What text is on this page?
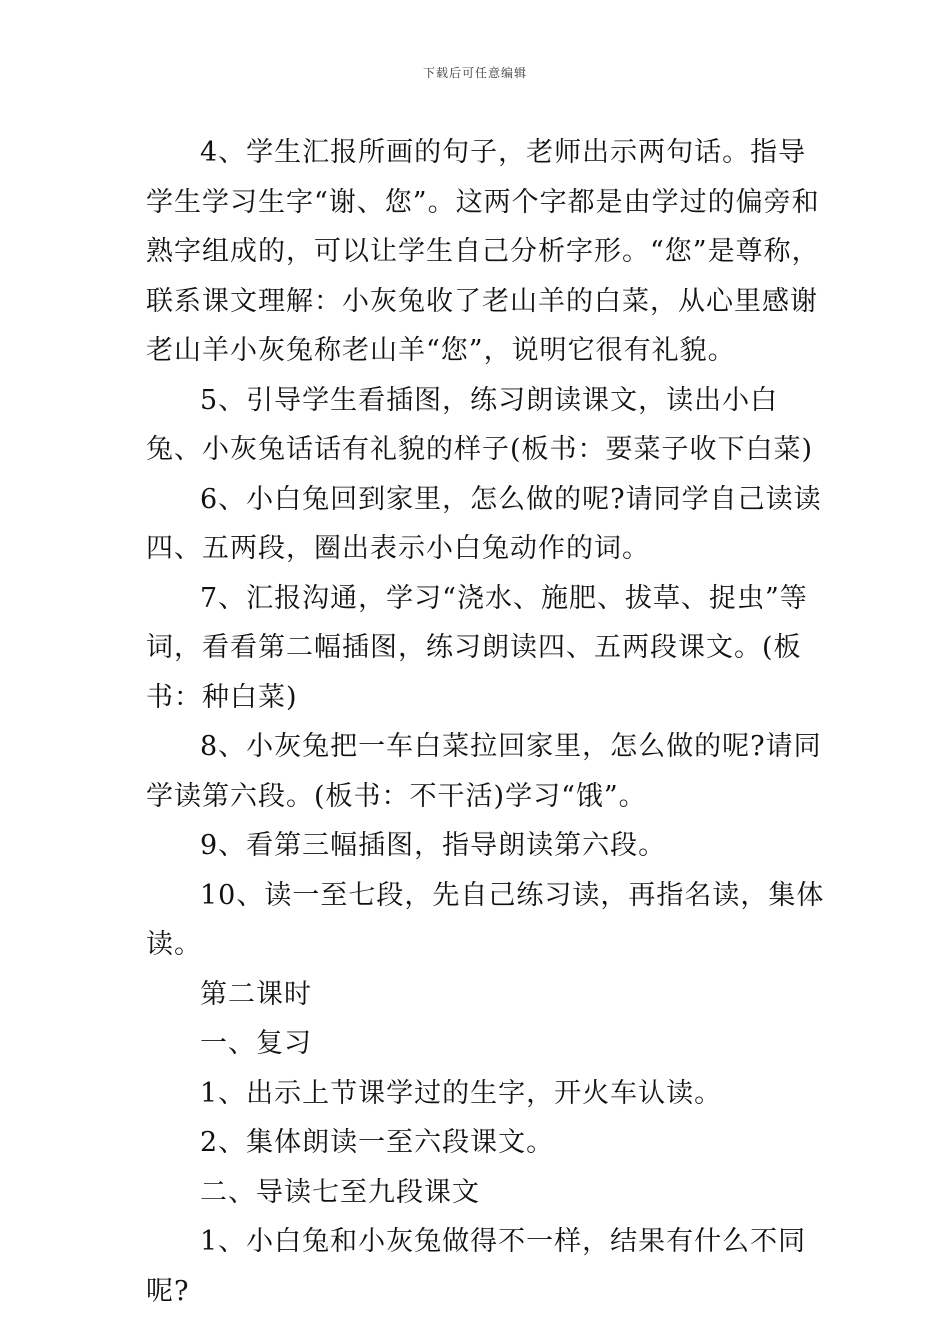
下载后可任意编辑

4、学生汇报所画的句子，老师出示两句话。指导学生学习生字“谢、您”。这两个字都是由学过的偏旁和熟字组成的，可以让学生自己分析字形。“您”是尊称，联系课文理解：小灰兔收了老山羊的白菜，从心里感谢老山羊小灰兔称老山羊“您”，说明它很有礼貌。

5、引导学生看插图，练习朗读课文，读出小白兔、小灰兔话话有礼貌的样子(板书：要菜子收下白菜)

6、小白兔回到家里，怎么做的呢?请同学自己读读四、五两段，圈出表示小白兔动作的词。

7、汇报沟通，学习“浇水、施肥、拔草、捉虫”等词，看看第二幅插图，练习朗读四、五两段课文。(板书：种白菜)

8、小灰兔把一车白菜拉回家里，怎么做的呢?请同学读第六段。(板书：不干活)学习“饿”。

9、看第三幅插图，指导朗读第六段。

10、读一至七段，先自己练习读，再指名读，集体读。

第二课时

一、复习

1、出示上节课学过的生字，开火车认读。

2、集体朗读一至六段课文。

二、导读七至九段课文

1、小白兔和小灰兔做得不一样，结果有什么不同呢?
